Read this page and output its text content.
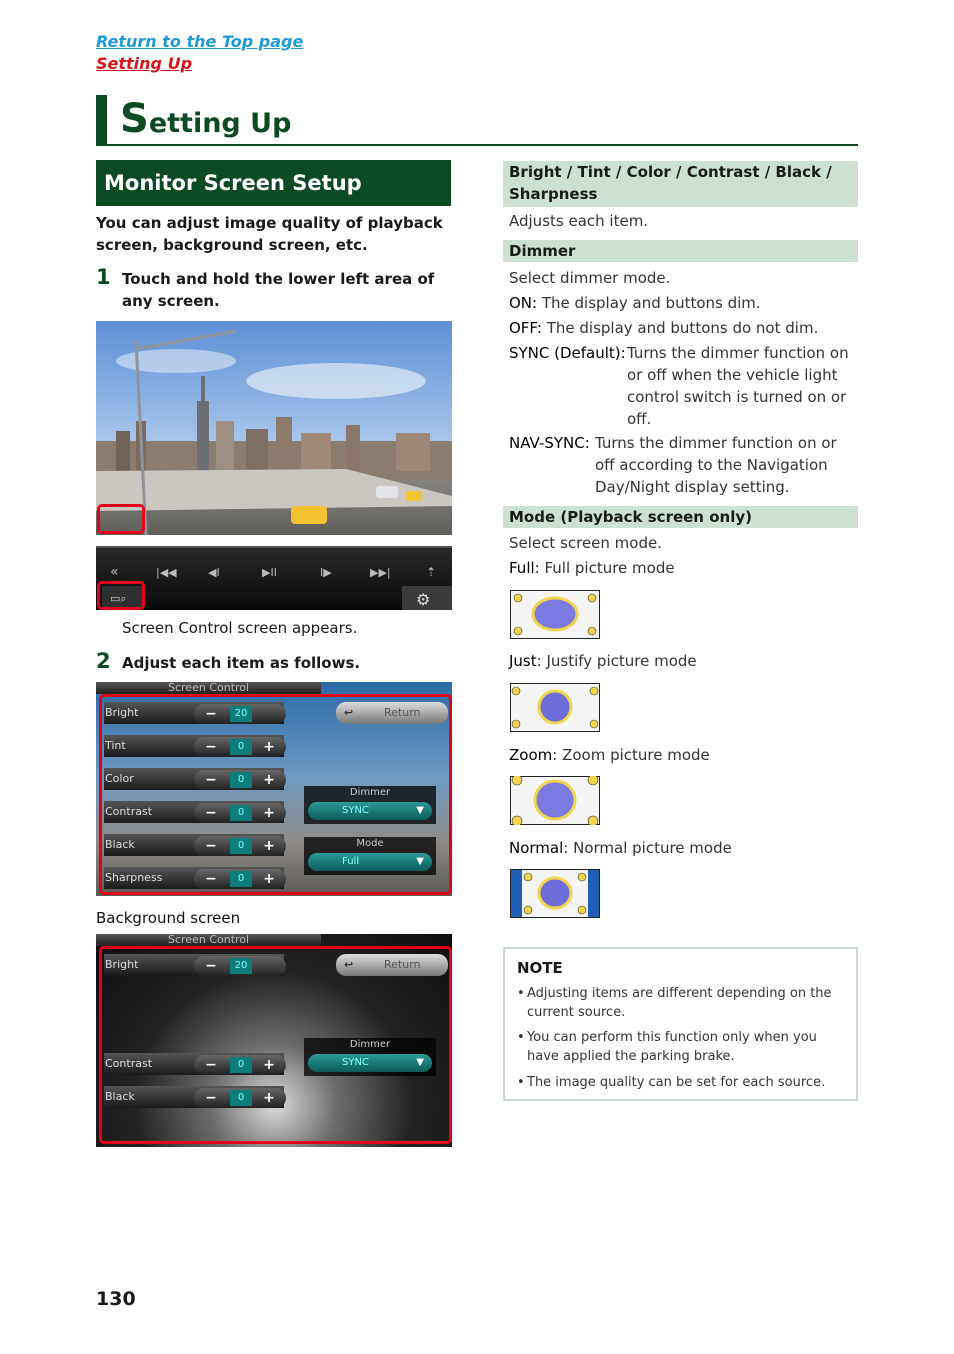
Return to the Top page
Setting Up
Setting Up
Monitor Screen Setup
You can adjust image quality of playback screen, background screen, etc.
1 Touch and hold the lower left area of any screen.
«	|◀◀	◀I	▶II	I▶	▶▶|	⇡
⚙
▭⌕
Screen Control screen appears.
2 Adjust each item as follows.
Screen Control
↩	Return
Bright	−	20
Tint	−	0	+
Color	−	0	+
Contrast	−	0	+
Black	−	0	+
Sharpness	−	0	+
Dimmer
SYNC	▼
Mode
Full	▼
Background screen
Screen Control
↩	Return
Bright	−	20
Contrast	−	0	+
Black	−	0	+
Dimmer
SYNC	▼
Bright / Tint / Color / Contrast / Black / Sharpness
Adjusts each item.
Dimmer
Select dimmer mode.
ON: The display and buttons dim.
OFF: The display and buttons do not dim.
SYNC (Default): Turns the dimmer function on or off when the vehicle light control switch is turned on or off.
NAV-SYNC: Turns the dimmer function on or off according to the Navigation Day/Night display setting.
Mode (Playback screen only)
Select screen mode.
Full: Full picture mode
Just: Justify picture mode
Zoom: Zoom picture mode
Normal: Normal picture mode
NOTE
• Adjusting items are different depending on the current source.
• You can perform this function only when you have applied the parking brake.
• The image quality can be set for each source.
130
